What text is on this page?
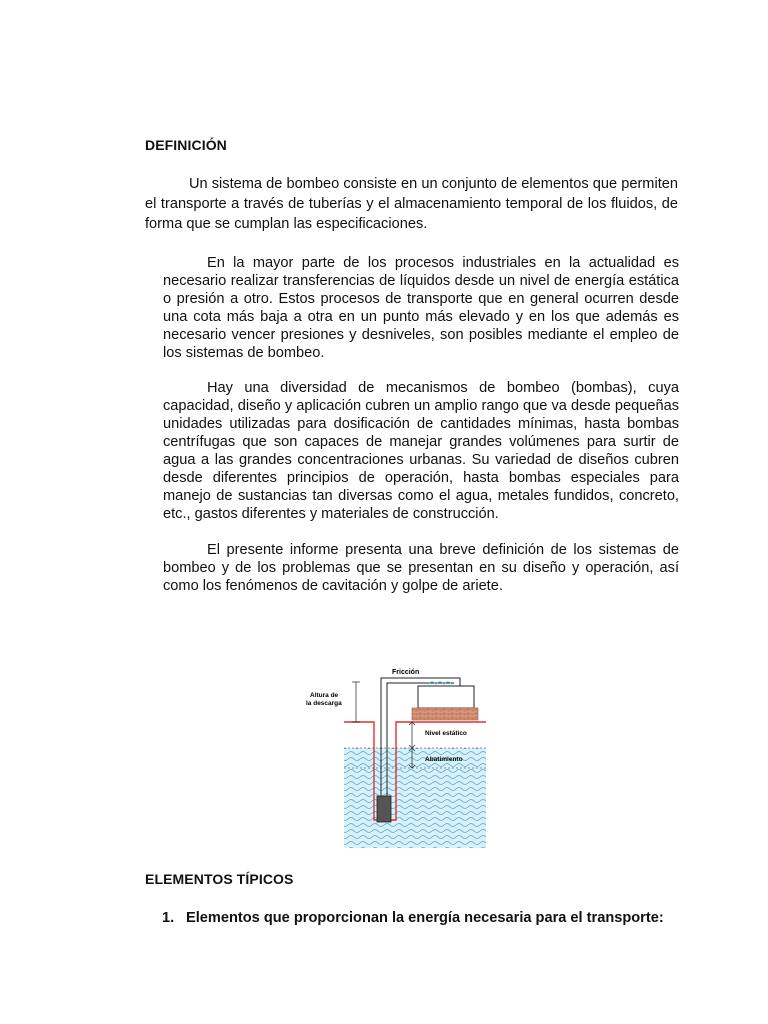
DEFINICIÓN
Un sistema de bombeo consiste en un conjunto de elementos que permiten el transporte a través de tuberías y el almacenamiento temporal de los fluidos, de forma que se cumplan las especificaciones.
En la mayor parte de los procesos industriales en la actualidad es necesario realizar transferencias de líquidos desde un nivel de energía estática o presión a otro. Estos procesos de transporte que en general ocurren desde una cota más baja a otra en un punto más elevado y en los que además es necesario vencer presiones y desniveles, son posibles mediante el empleo de los sistemas de bombeo.
Hay una diversidad de mecanismos de bombeo (bombas), cuya capacidad, diseño y aplicación cubren un amplio rango que va desde pequeñas unidades utilizadas para dosificación de cantidades mínimas, hasta bombas centrífugas que son capaces de manejar grandes volúmenes para surtir de agua a las grandes concentraciones urbanas. Su variedad de diseños cubren desde diferentes principios de operación, hasta bombas especiales para manejo de sustancias tan diversas como el agua, metales fundidos, concreto, etc., gastos diferentes y materiales de construcción.
El presente informe presenta una breve definición de los sistemas de bombeo y de los problemas que se presentan en su diseño y operación, así como los fenómenos de cavitación y golpe de ariete.
Fricción
Altura de
la descarga
Nivel estático
Abatimiento
ELEMENTOS TÍPICOS
1. Elementos que proporcionan la energía necesaria para el transporte:
